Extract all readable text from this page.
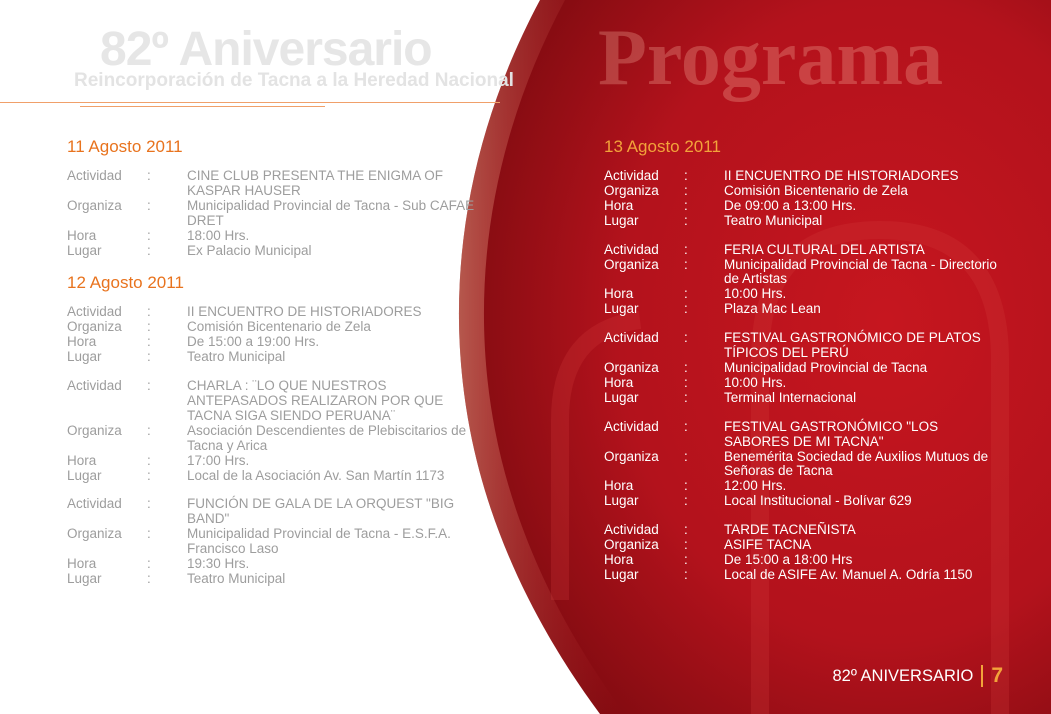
Programa
82º Aniversario
Reincorporación de Tacna a la Heredad Nacional
11 Agosto 2011
Actividad	:	CINE CLUB PRESENTA THE ENIGMA OF KASPAR HAUSER
Organiza	:	Municipalidad Provincial de Tacna - Sub CAFAE DRET
Hora	:	18:00 Hrs.
Lugar	:	Ex Palacio Municipal
12 Agosto 2011
Actividad	:	II ENCUENTRO DE HISTORIADORES
Organiza	:	Comisión Bicentenario de Zela
Hora	:	De 15:00 a 19:00 Hrs.
Lugar	:	Teatro Municipal
Actividad	:	CHARLA : ¨LO QUE NUESTROS ANTEPASADOS REALIZARON POR QUE TACNA SIGA SIENDO PERUANA¨
Organiza	:	Asociación Descendientes de Plebiscitarios de Tacna y Arica
Hora	:	17:00 Hrs.
Lugar	:	Local de la Asociación Av. San Martín 1173
Actividad	:	FUNCIÓN DE GALA DE LA ORQUEST "BIG BAND"
Organiza	:	Municipalidad Provincial de Tacna - E.S.F.A. Francisco Laso
Hora	:	19:30 Hrs.
Lugar	:	Teatro Municipal
13 Agosto 2011
Actividad	:	II ENCUENTRO DE HISTORIADORES
Organiza	:	Comisión Bicentenario de Zela
Hora	:	De 09:00 a 13:00 Hrs.
Lugar	:	Teatro Municipal
Actividad	:	FERIA CULTURAL DEL ARTISTA
Organiza	:	Municipalidad Provincial de Tacna - Directorio de Artistas
Hora	:	10:00 Hrs.
Lugar	:	Plaza Mac Lean
Actividad	:	FESTIVAL GASTRONÓMICO DE PLATOS TÍPICOS DEL PERÚ
Organiza	:	Municipalidad Provincial de Tacna
Hora	:	10:00 Hrs.
Lugar	:	Terminal Internacional
Actividad	:	FESTIVAL GASTRONÓMICO "LOS SABORES DE MI TACNA"
Organiza	:	Benemérita Sociedad de Auxilios Mutuos de Señoras de Tacna
Hora	:	12:00 Hrs.
Lugar	:	Local Institucional - Bolívar 629
Actividad	:	TARDE TACNEÑISTA
Organiza	:	ASIFE TACNA
Hora	:	De 15:00 a 18:00 Hrs
Lugar	:	Local de ASIFE Av. Manuel A. Odría 1150
82º ANIVERSARIO 7
